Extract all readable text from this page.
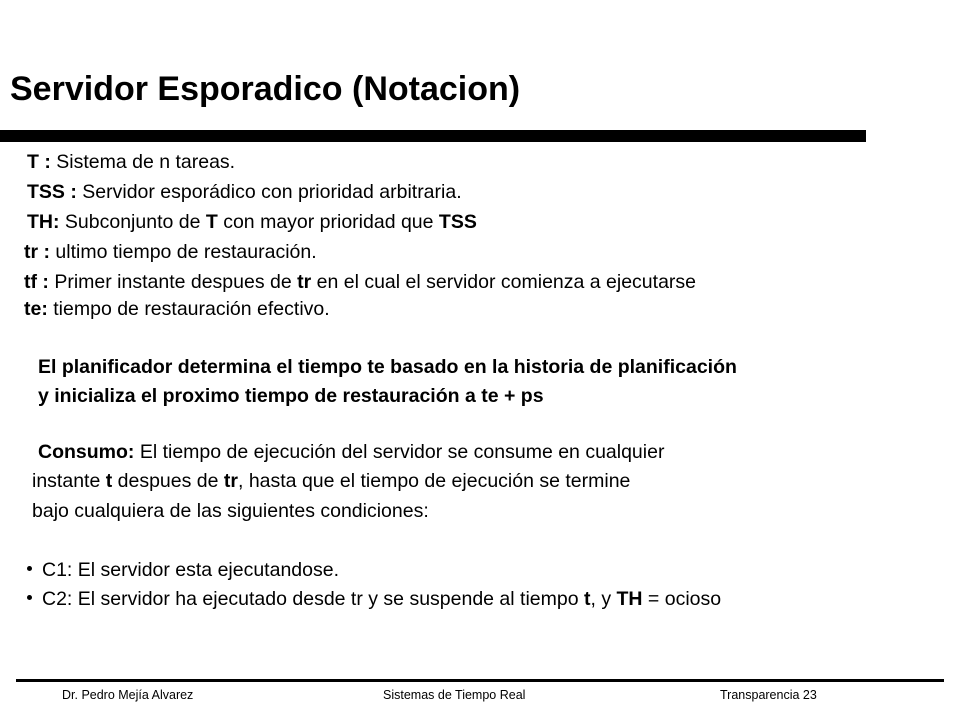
Servidor Esporadico (Notacion)
T : Sistema de n tareas.
TSS : Servidor esporádico con prioridad arbitraria.
TH: Subconjunto de T con mayor prioridad que TSS
tr : ultimo tiempo de restauración.
tf : Primer instante despues de tr en el cual el servidor comienza a ejecutarse
te: tiempo de restauración efectivo.
El planificador determina el tiempo te basado en la historia de planificación
y inicializa el proximo tiempo de restauración a te + ps
Consumo: El tiempo de ejecución del servidor se consume en cualquier
instante t despues de tr, hasta que el tiempo de ejecución se termine
bajo cualquiera de las siguientes condiciones:
C1: El servidor esta ejecutandose.
C2: El servidor ha ejecutado desde tr y se suspende al tiempo t, y TH = ocioso
Dr. Pedro Mejía Alvarez	Sistemas de Tiempo Real	Transparencia 23
